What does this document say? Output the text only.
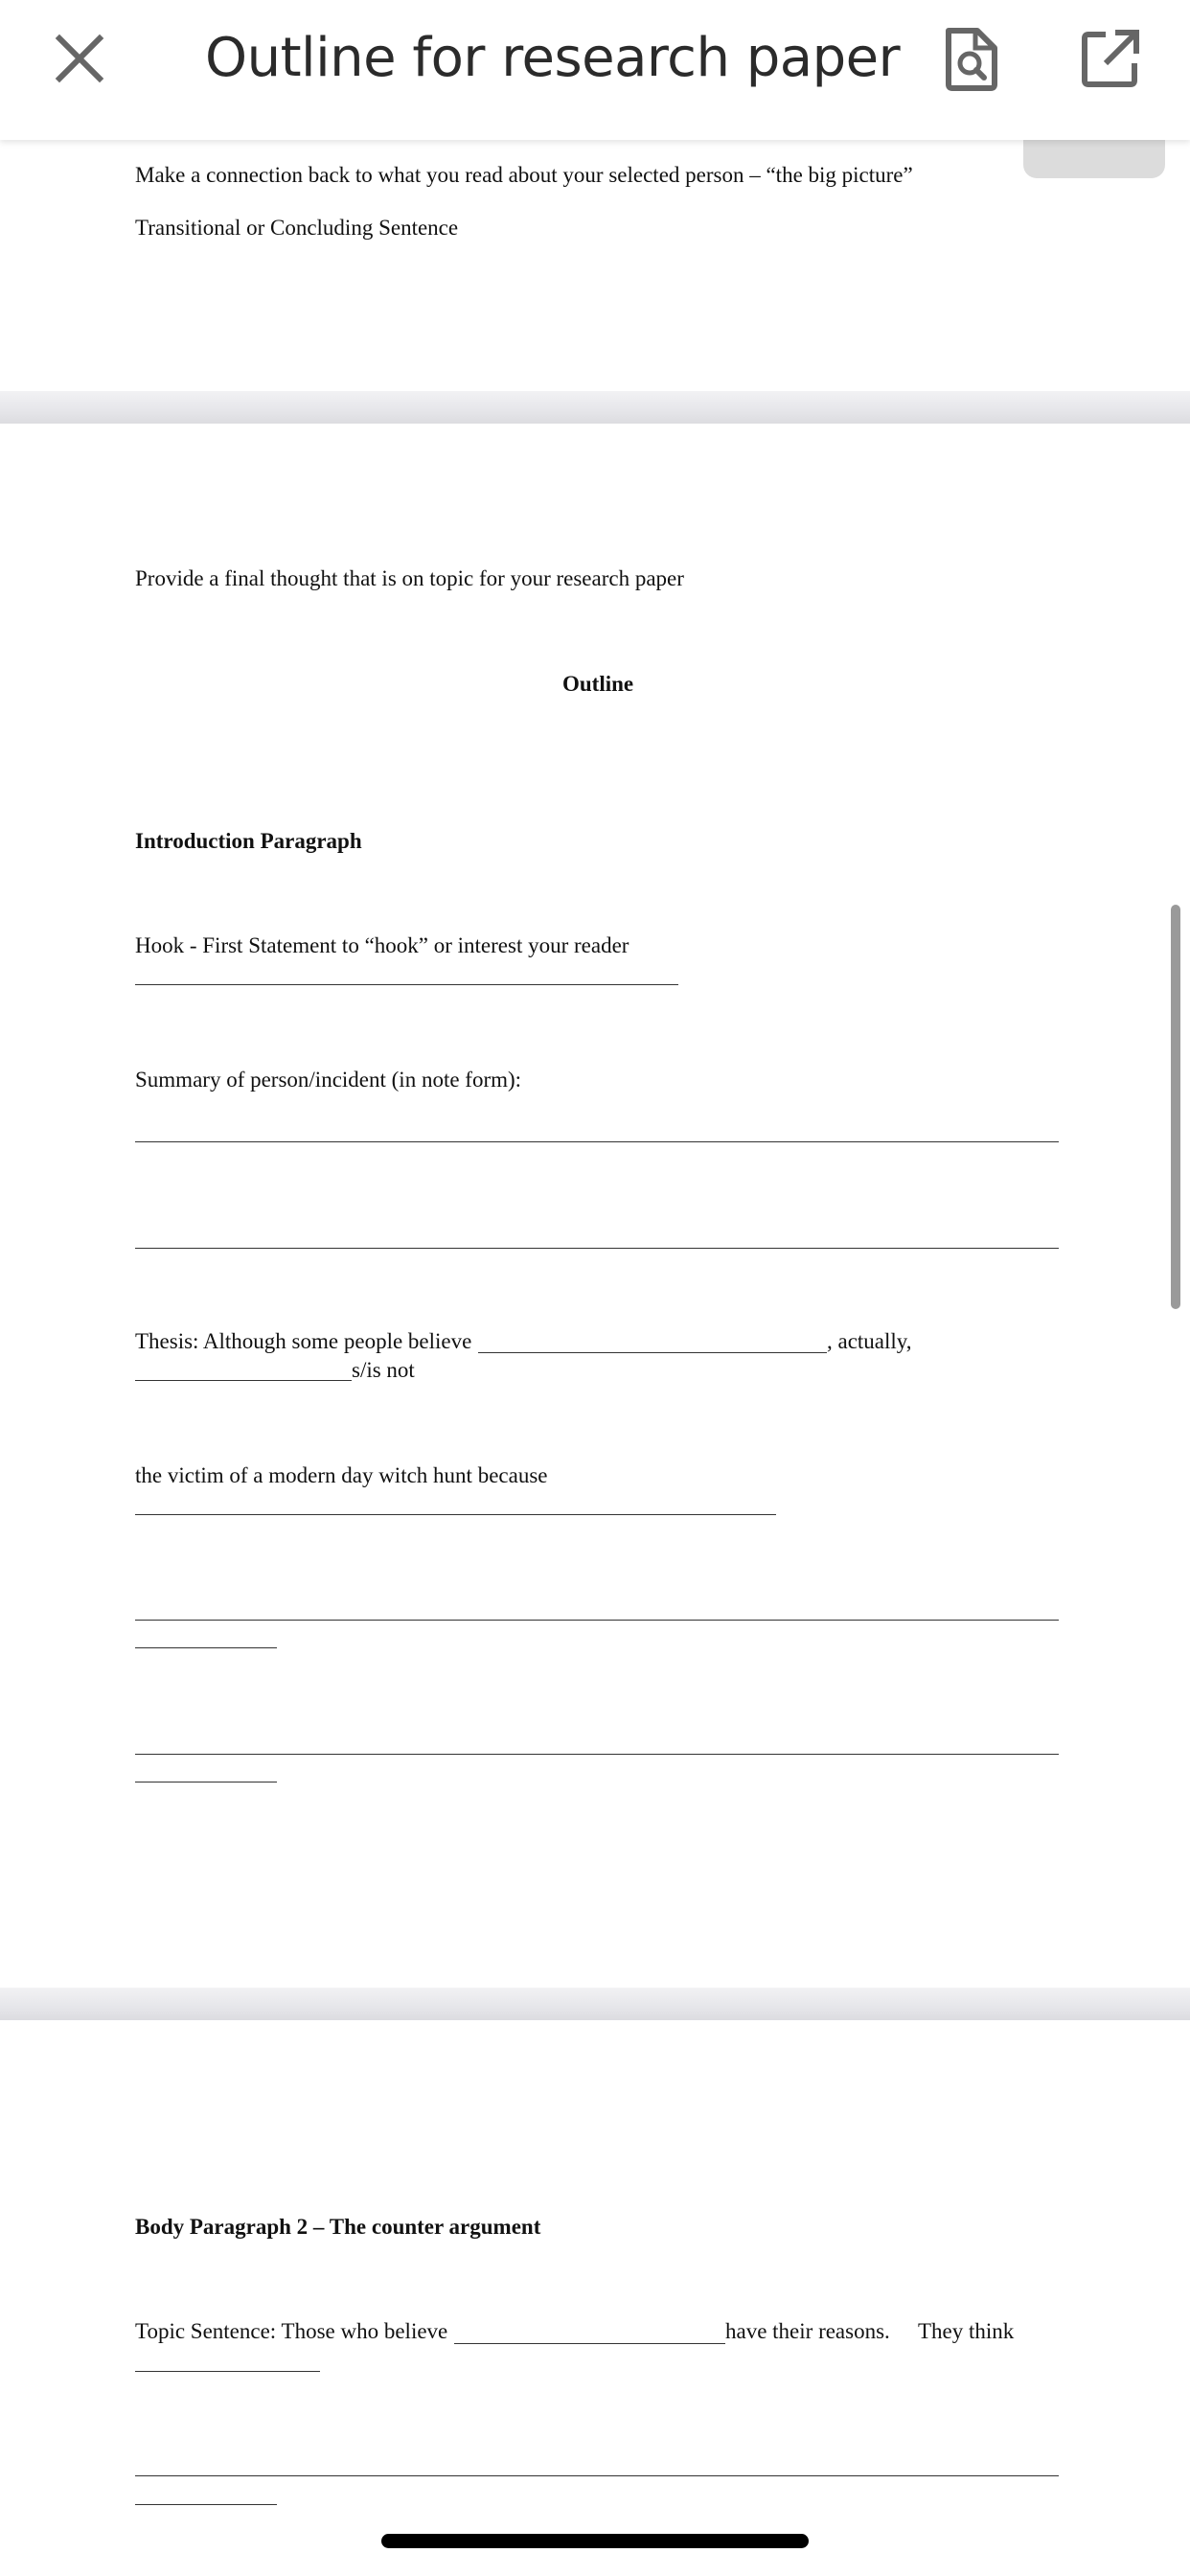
Make a connection back to what you read about your selected person – “the big picture”
Transitional or Concluding Sentence
Provide a final thought that is on topic for your research paper
Outline
Introduction Paragraph
Hook - First Statement to “hook” or interest your reader
Summary of person/incident (in note form):
Thesis: Although some people believe	, actually,
s/is not
the victim of a modern day witch hunt because
Body Paragraph 2 – The counter argument
Topic Sentence: Those who believe	have their reasons. They think
Outline for research paper
